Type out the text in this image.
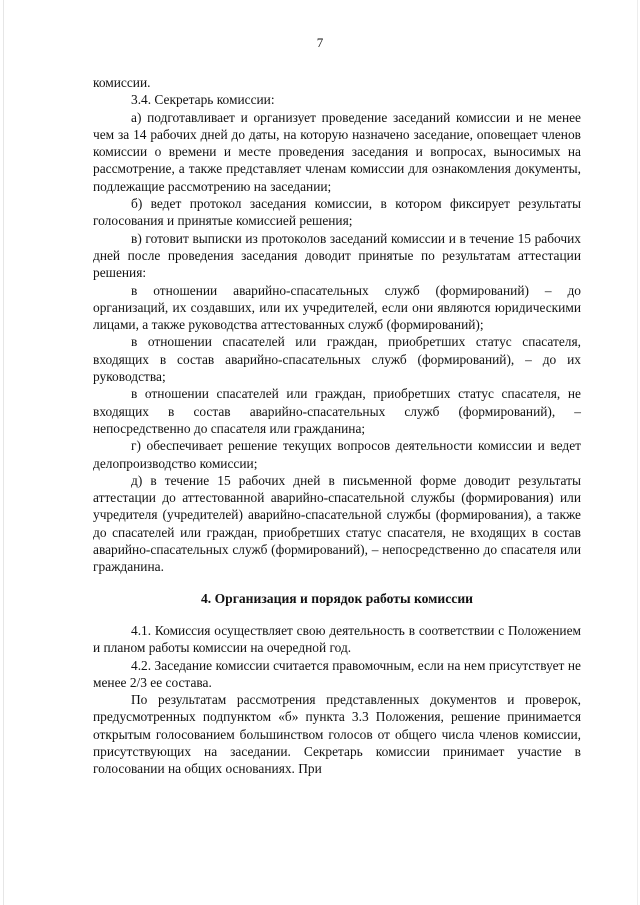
7

комиссии.

3.4. Секретарь комиссии:

а) подготавливает и организует проведение заседаний комиссии и не менее чем за 14 рабочих дней до даты, на которую назначено заседание, оповещает членов комиссии о времени и месте проведения заседания и вопросах, выносимых на рассмотрение, а также представляет членам комиссии для ознакомления документы, подлежащие рассмотрению на заседании;

б) ведет протокол заседания комиссии, в котором фиксирует результаты голосования и принятые комиссией решения;

в) готовит выписки из протоколов заседаний комиссии и в течение 15 рабочих дней после проведения заседания доводит принятые по результатам аттестации решения:

в отношении аварийно-спасательных служб (формирований) – до организаций, их создавших, или их учредителей, если они являются юридическими лицами, а также руководства аттестованных служб (формирований);

в отношении спасателей или граждан, приобретших статус спасателя, входящих в состав аварийно-спасательных служб (формирований), – до их руководства;

в отношении спасателей или граждан, приобретших статус спасателя, не входящих в состав аварийно-спасательных служб (формирований), – непосредственно до спасателя или гражданина;

г) обеспечивает решение текущих вопросов деятельности комиссии и ведет делопроизводство комиссии;

д) в течение 15 рабочих дней в письменной форме доводит результаты аттестации до аттестованной аварийно-спасательной службы (формирования) или учредителя (учредителей) аварийно-спасательной службы (формирования), а также до спасателей или граждан, приобретших статус спасателя, не входящих в состав аварийно-спасательных служб (формирований), – непосредственно до спасателя или гражданина.

4. Организация и порядок работы комиссии

4.1. Комиссия осуществляет свою деятельность в соответствии с Положением и планом работы комиссии на очередной год.

4.2. Заседание комиссии считается правомочным, если на нем присутствует не менее 2/3 ее состава.

По результатам рассмотрения представленных документов и проверок, предусмотренных подпунктом «б» пункта 3.3 Положения, решение принимается открытым голосованием большинством голосов от общего числа членов комиссии, присутствующих на заседании. Секретарь комиссии принимает участие в голосовании на общих основаниях. При
